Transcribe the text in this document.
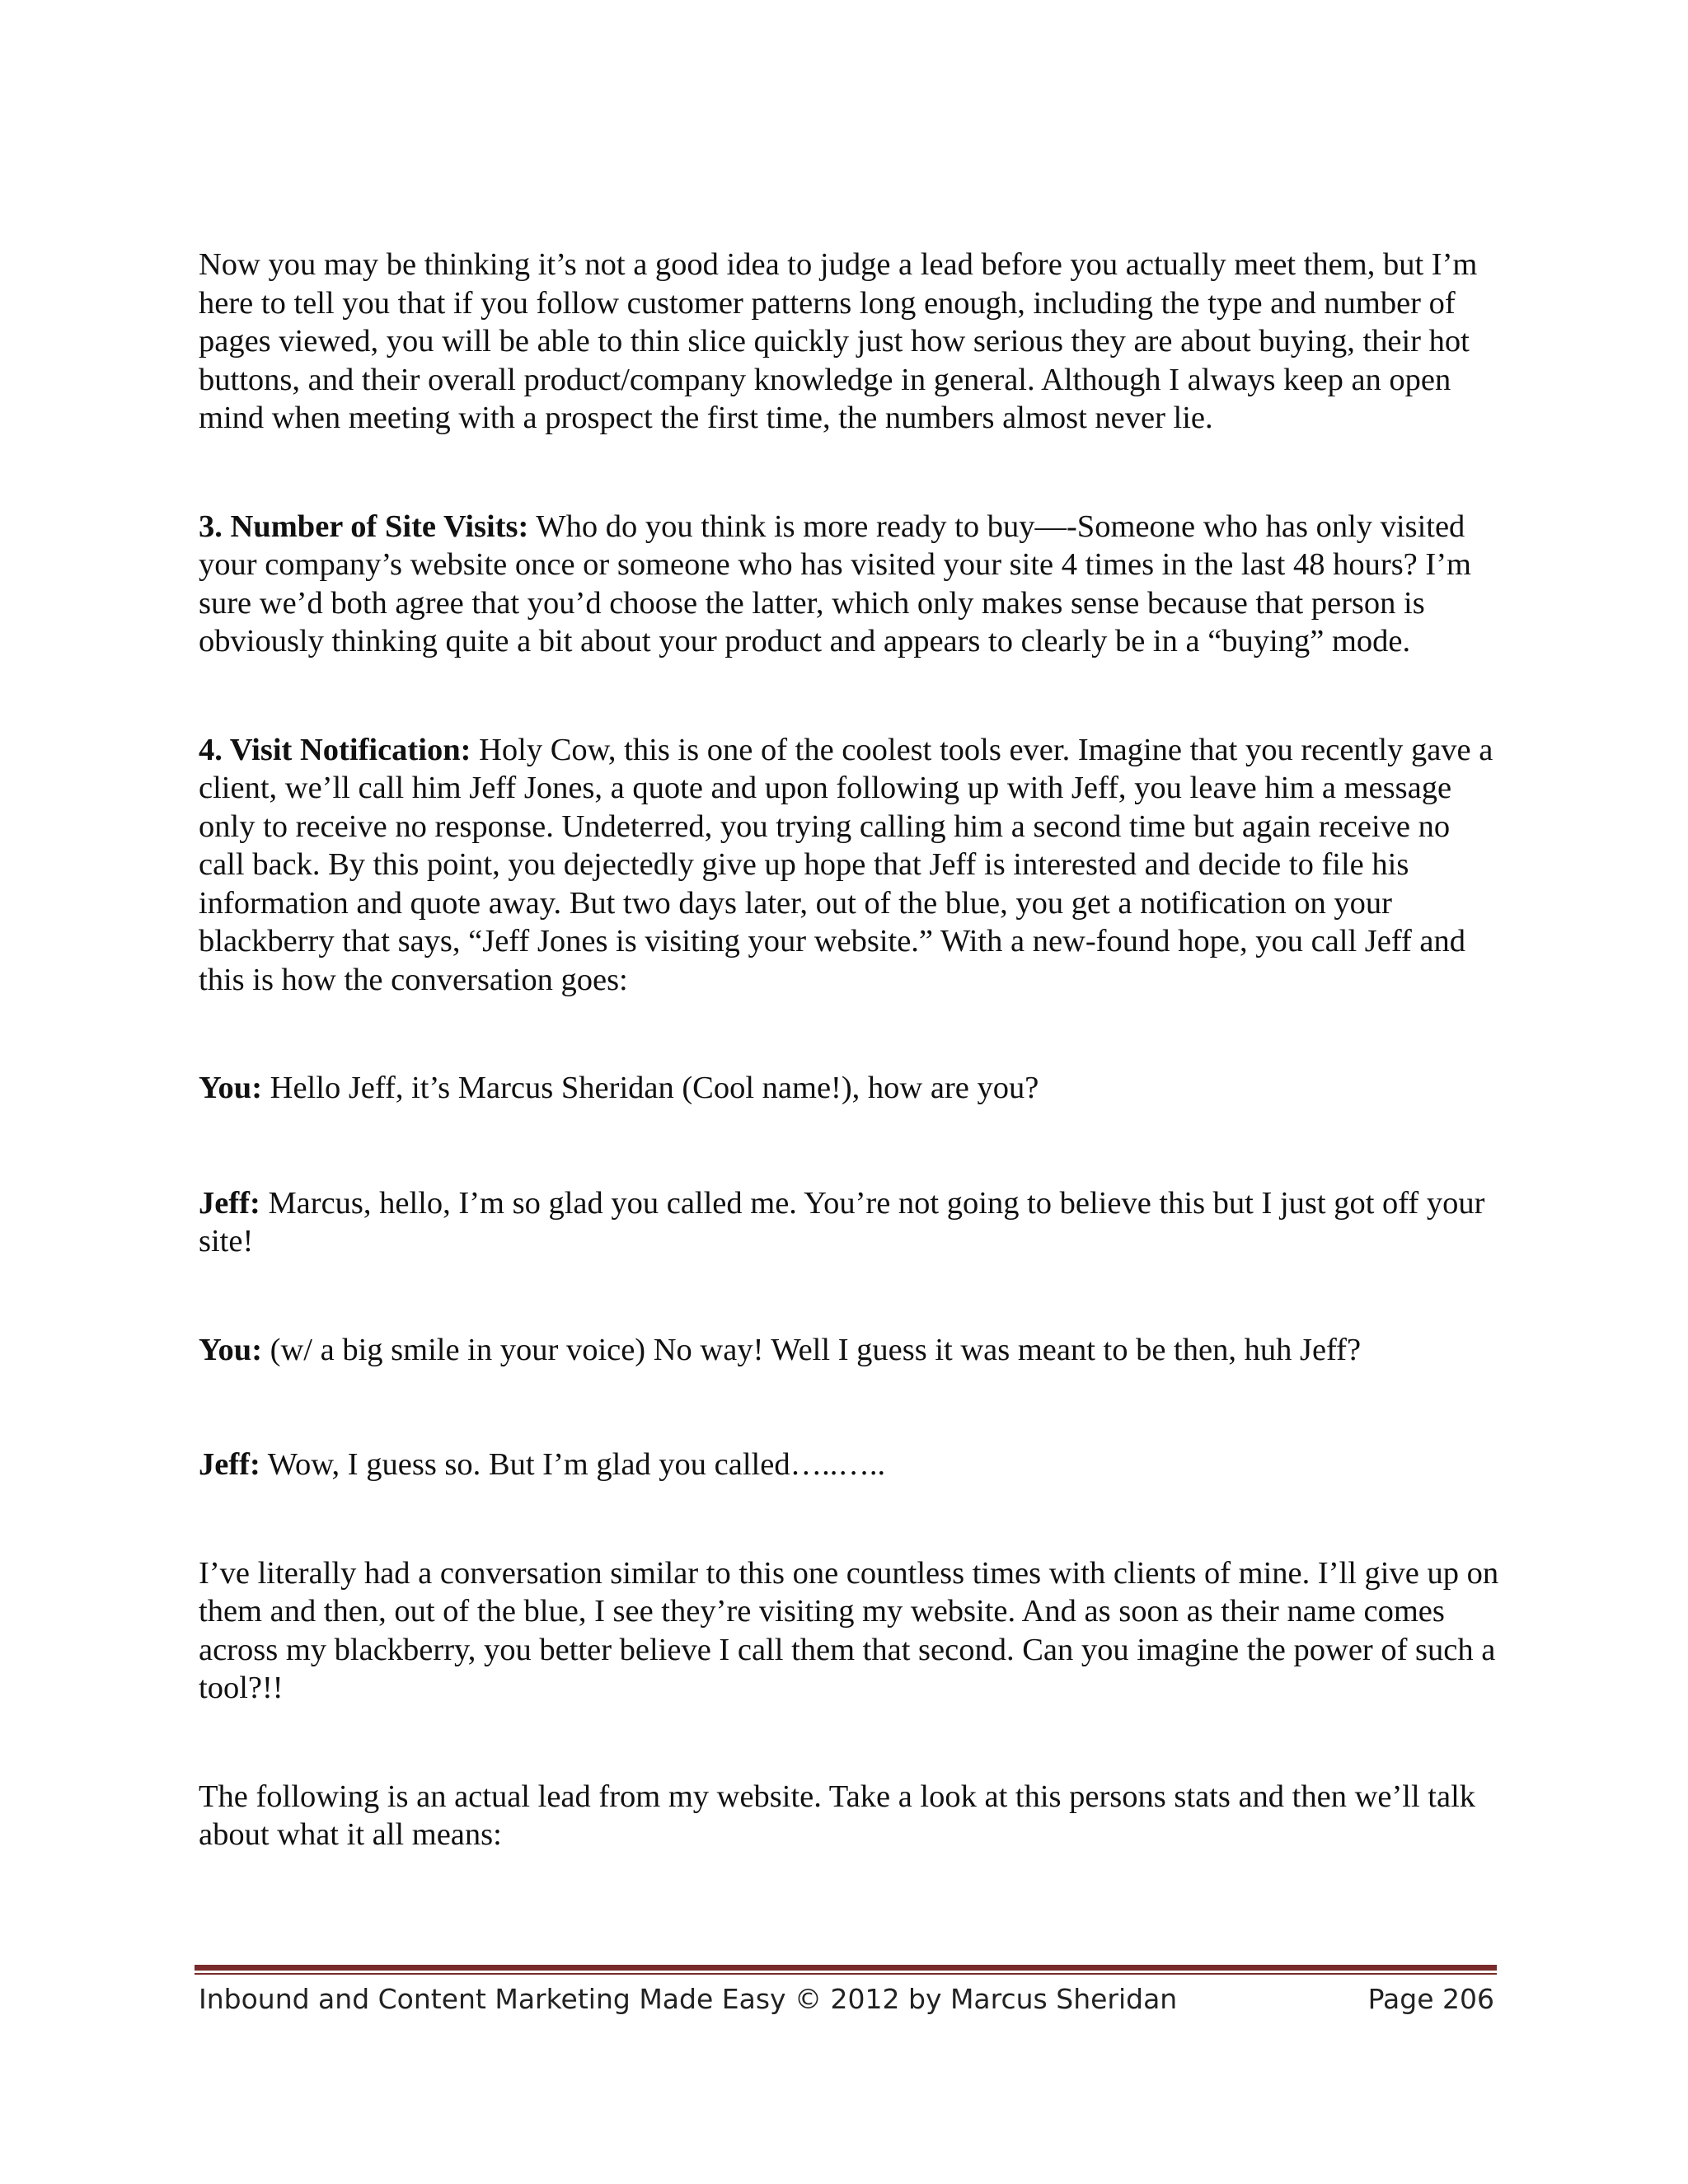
Now you may be thinking it’s not a good idea to judge a lead before you actually meet them, but I’m here to tell you that if you follow customer patterns long enough, including the type and number of pages viewed, you will be able to thin slice quickly just how serious they are about buying, their hot buttons, and their overall product/company knowledge in general. Although I always keep an open mind when meeting with a prospect the first time, the numbers almost never lie.

3. Number of Site Visits: Who do you think is more ready to buy—-Someone who has only visited your company’s website once or someone who has visited your site 4 times in the last 48 hours? I’m sure we’d both agree that you’d choose the latter, which only makes sense because that person is obviously thinking quite a bit about your product and appears to clearly be in a “buying” mode.

4. Visit Notification: Holy Cow, this is one of the coolest tools ever. Imagine that you recently gave a client, we’ll call him Jeff Jones, a quote and upon following up with Jeff, you leave him a message only to receive no response. Undeterred, you trying calling him a second time but again receive no call back. By this point, you dejectedly give up hope that Jeff is interested and decide to file his information and quote away. But two days later, out of the blue, you get a notification on your blackberry that says, “Jeff Jones is visiting your website.” With a new-found hope, you call Jeff and this is how the conversation goes:

You: Hello Jeff, it’s Marcus Sheridan (Cool name!), how are you?

Jeff: Marcus, hello, I’m so glad you called me. You’re not going to believe this but I just got off your site!

You: (w/ a big smile in your voice) No way! Well I guess it was meant to be then, huh Jeff?

Jeff: Wow, I guess so. But I’m glad you called…..…..

I’ve literally had a conversation similar to this one countless times with clients of mine. I’ll give up on them and then, out of the blue, I see they’re visiting my website. And as soon as their name comes across my blackberry, you better believe I call them that second. Can you imagine the power of such a tool?!!

The following is an actual lead from my website. Take a look at this persons stats and then we’ll talk about what it all means:

Inbound and Content Marketing Made Easy © 2012 by Marcus Sheridan	Page 206
